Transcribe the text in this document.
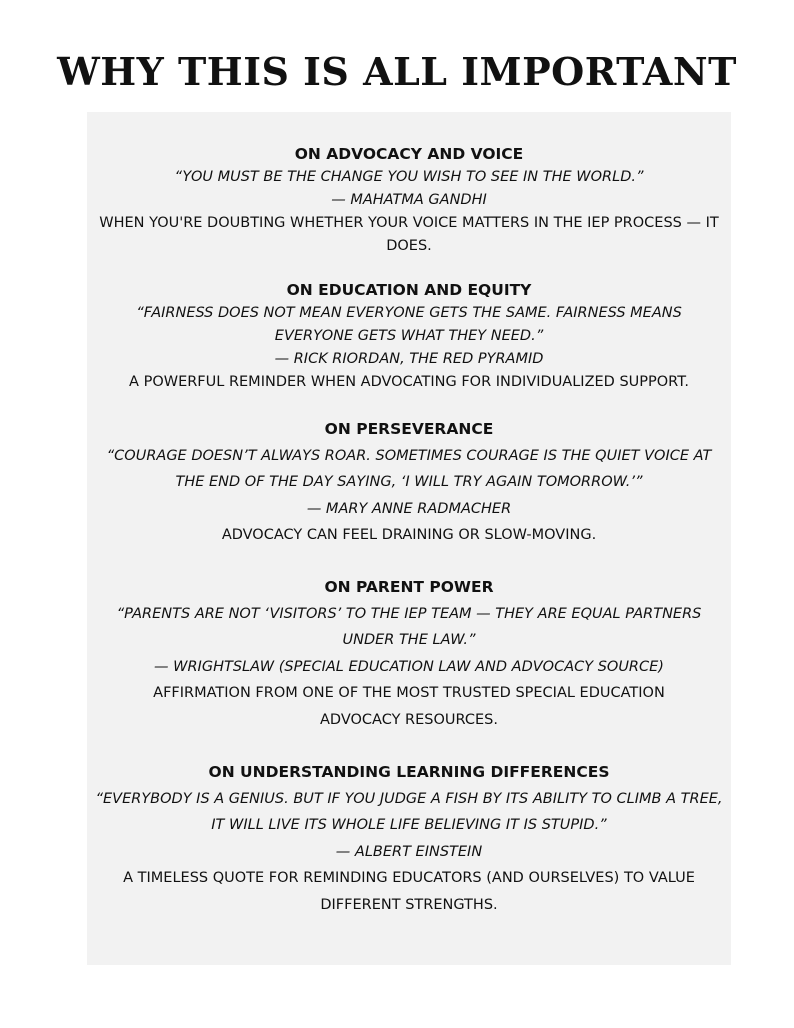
WHY THIS IS ALL IMPORTANT

ON ADVOCACY AND VOICE

“YOU MUST BE THE CHANGE YOU WISH TO SEE IN THE WORLD.”

— MAHATMA GANDHI

WHEN YOU'RE DOUBTING WHETHER YOUR VOICE MATTERS IN THE IEP PROCESS — IT DOES.

ON EDUCATION AND EQUITY

“FAIRNESS DOES NOT MEAN EVERYONE GETS THE SAME. FAIRNESS MEANS EVERYONE GETS WHAT THEY NEED.”

— RICK RIORDAN, THE RED PYRAMID

A POWERFUL REMINDER WHEN ADVOCATING FOR INDIVIDUALIZED SUPPORT.

ON PERSEVERANCE

“COURAGE DOESN’T ALWAYS ROAR. SOMETIMES COURAGE IS THE QUIET VOICE AT THE END OF THE DAY SAYING, ‘I WILL TRY AGAIN TOMORROW.’”

— MARY ANNE RADMACHER

ADVOCACY CAN FEEL DRAINING OR SLOW-MOVING.

ON PARENT POWER

“PARENTS ARE NOT ‘VISITORS’ TO THE IEP TEAM — THEY ARE EQUAL PARTNERS UNDER THE LAW.”

— WRIGHTSLAW (SPECIAL EDUCATION LAW AND ADVOCACY SOURCE)

AFFIRMATION FROM ONE OF THE MOST TRUSTED SPECIAL EDUCATION ADVOCACY RESOURCES.

ON UNDERSTANDING LEARNING DIFFERENCES

“EVERYBODY IS A GENIUS. BUT IF YOU JUDGE A FISH BY ITS ABILITY TO CLIMB A TREE, IT WILL LIVE ITS WHOLE LIFE BELIEVING IT IS STUPID.”

— ALBERT EINSTEIN

A TIMELESS QUOTE FOR REMINDING EDUCATORS (AND OURSELVES) TO VALUE DIFFERENT STRENGTHS.
